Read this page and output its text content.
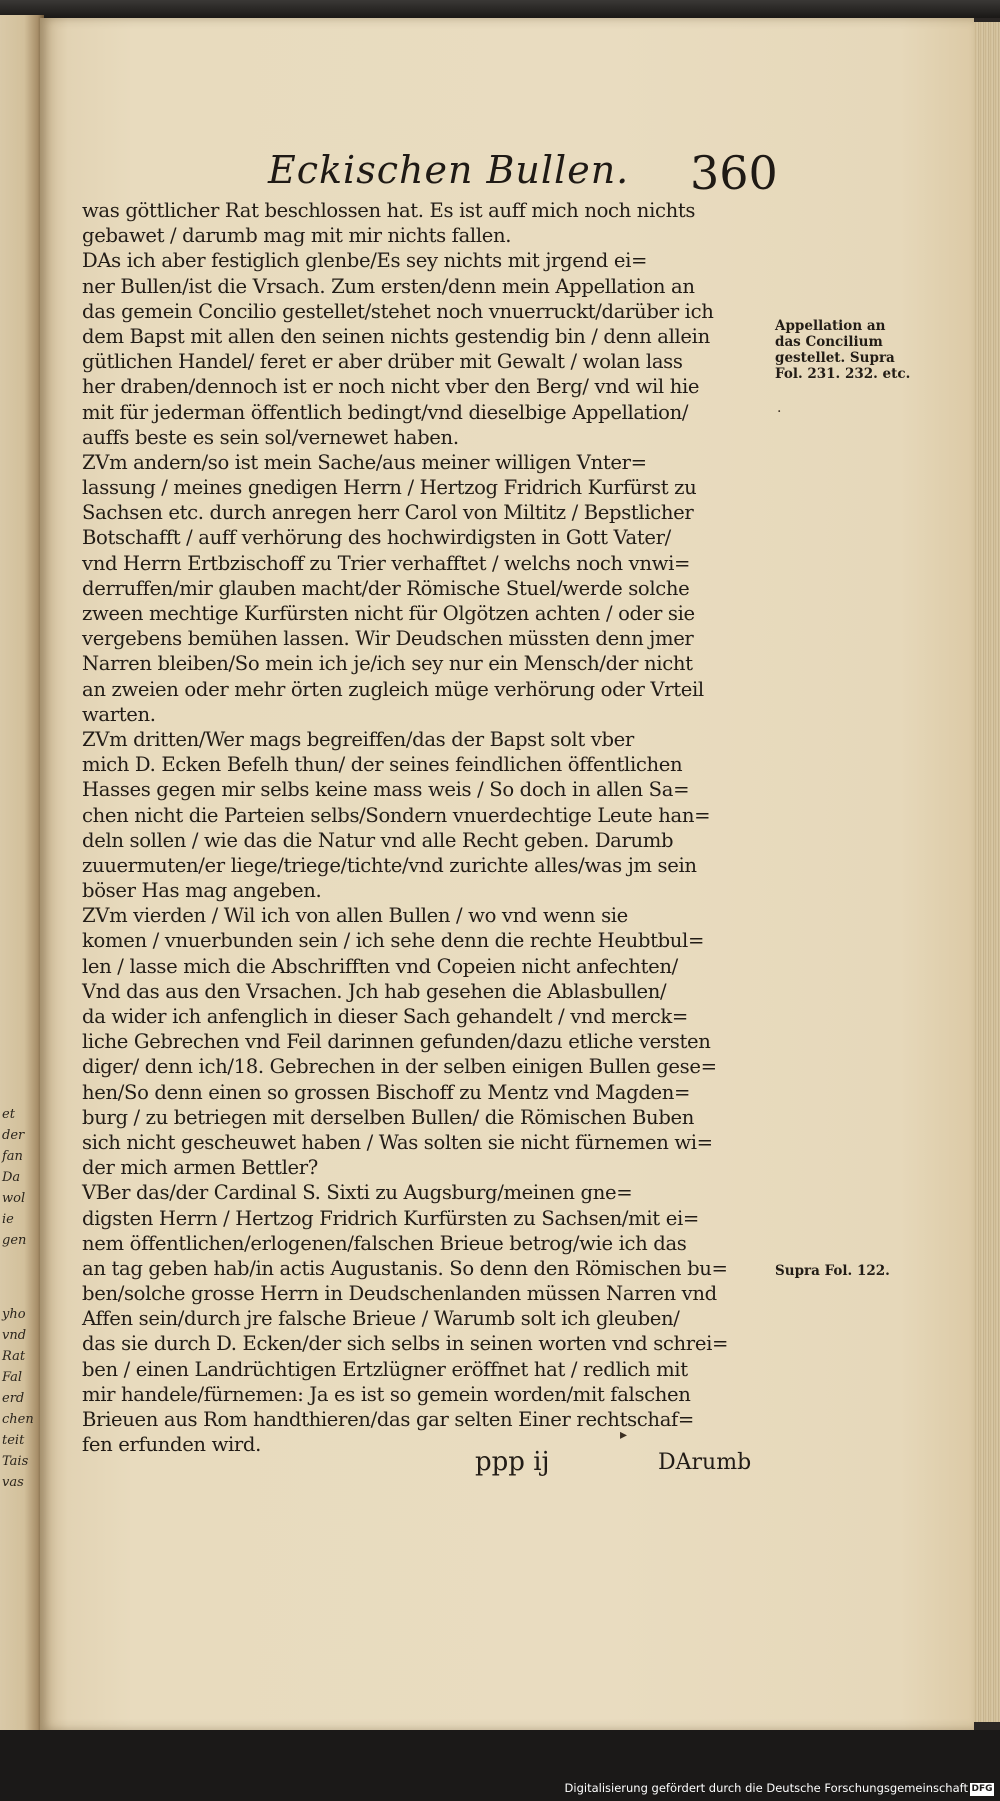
et
der
fan
Da
wol
ie
gen
yho
vnd
Rat
Fal
erd
chen
teit
Tais
vas
Eckischen Bullen. 360
was göttlicher Rat beschlossen hat. Es ist auff mich noch nichts
gebawet / darumb mag mit mir nichts fallen.
DAs ich aber festiglich glenbe/Es sey nichts mit jrgend ei=
ner Bullen/ist die Vrsach. Zum ersten/denn mein Appellation an
das gemein Concilio gestellet/stehet noch vnuerruckt/darüber ich
dem Bapst mit allen den seinen nichts gestendig bin / denn allein
gütlichen Handel/ feret er aber drüber mit Gewalt / wolan lass
her draben/dennoch ist er noch nicht vber den Berg/ vnd wil hie
mit für jederman öffentlich bedingt/vnd dieselbige Appellation/
auffs beste es sein sol/vernewet haben.
ZVm andern/so ist mein Sache/aus meiner willigen Vnter=
lassung / meines gnedigen Herrn / Hertzog Fridrich Kurfürst zu
Sachsen etc. durch anregen herr Carol von Miltitz / Bepstlicher
Botschafft / auff verhörung des hochwirdigsten in Gott Vater/
vnd Herrn Ertbzischoff zu Trier verhafftet / welchs noch vnwi=
derruffen/mir glauben macht/der Römische Stuel/werde solche
zween mechtige Kurfürsten nicht für Olgötzen achten / oder sie
vergebens bemühen lassen. Wir Deudschen müssten denn jmer
Narren bleiben/So mein ich je/ich sey nur ein Mensch/der nicht
an zweien oder mehr örten zugleich müge verhörung oder Vrteil
warten.
ZVm dritten/Wer mags begreiffen/das der Bapst solt vber
mich D. Ecken Befelh thun/ der seines feindlichen öffentlichen
Hasses gegen mir selbs keine mass weis / So doch in allen Sa=
chen nicht die Parteien selbs/Sondern vnuerdechtige Leute han=
deln sollen / wie das die Natur vnd alle Recht geben. Darumb
zuuermuten/er liege/triege/tichte/vnd zurichte alles/was jm sein
böser Has mag angeben.
ZVm vierden / Wil ich von allen Bullen / wo vnd wenn sie
komen / vnuerbunden sein / ich sehe denn die rechte Heubtbul=
len / lasse mich die Abschrifften vnd Copeien nicht anfechten/
Vnd das aus den Vrsachen. Jch hab gesehen die Ablasbullen/
da wider ich anfenglich in dieser Sach gehandelt / vnd merck=
liche Gebrechen vnd Feil darinnen gefunden/dazu etliche versten
diger/ denn ich/18. Gebrechen in der selben einigen Bullen gese=
hen/So denn einen so grossen Bischoff zu Mentz vnd Magden=
burg / zu betriegen mit derselben Bullen/ die Römischen Buben
sich nicht gescheuwet haben / Was solten sie nicht fürnemen wi=
der mich armen Bettler?
VBer das/der Cardinal S. Sixti zu Augsburg/meinen gne=
digsten Herrn / Hertzog Fridrich Kurfürsten zu Sachsen/mit ei=
nem öffentlichen/erlogenen/falschen Brieue betrog/wie ich das
an tag geben hab/in actis Augustanis. So denn den Römischen bu=
ben/solche grosse Herrn in Deudschenlanden müssen Narren vnd
Affen sein/durch jre falsche Brieue / Warumb solt ich gleuben/
das sie durch D. Ecken/der sich selbs in seinen worten vnd schrei=
ben / einen Landrüchtigen Ertzlügner eröffnet hat / redlich mit
mir handele/fürnemen: Ja es ist so gemein worden/mit falschen
Brieuen aus Rom handthieren/das gar selten Einer rechtschaf=
fen erfunden wird.
Appellation an
das Concilium
gestellet. Supra
Fol. 231. 232. etc.
Supra Fol. 122.
·
▸
ppp ij	DArumb
Digitalisierung gefördert durch die Deutsche Forschungsgemeinschaft DFG
